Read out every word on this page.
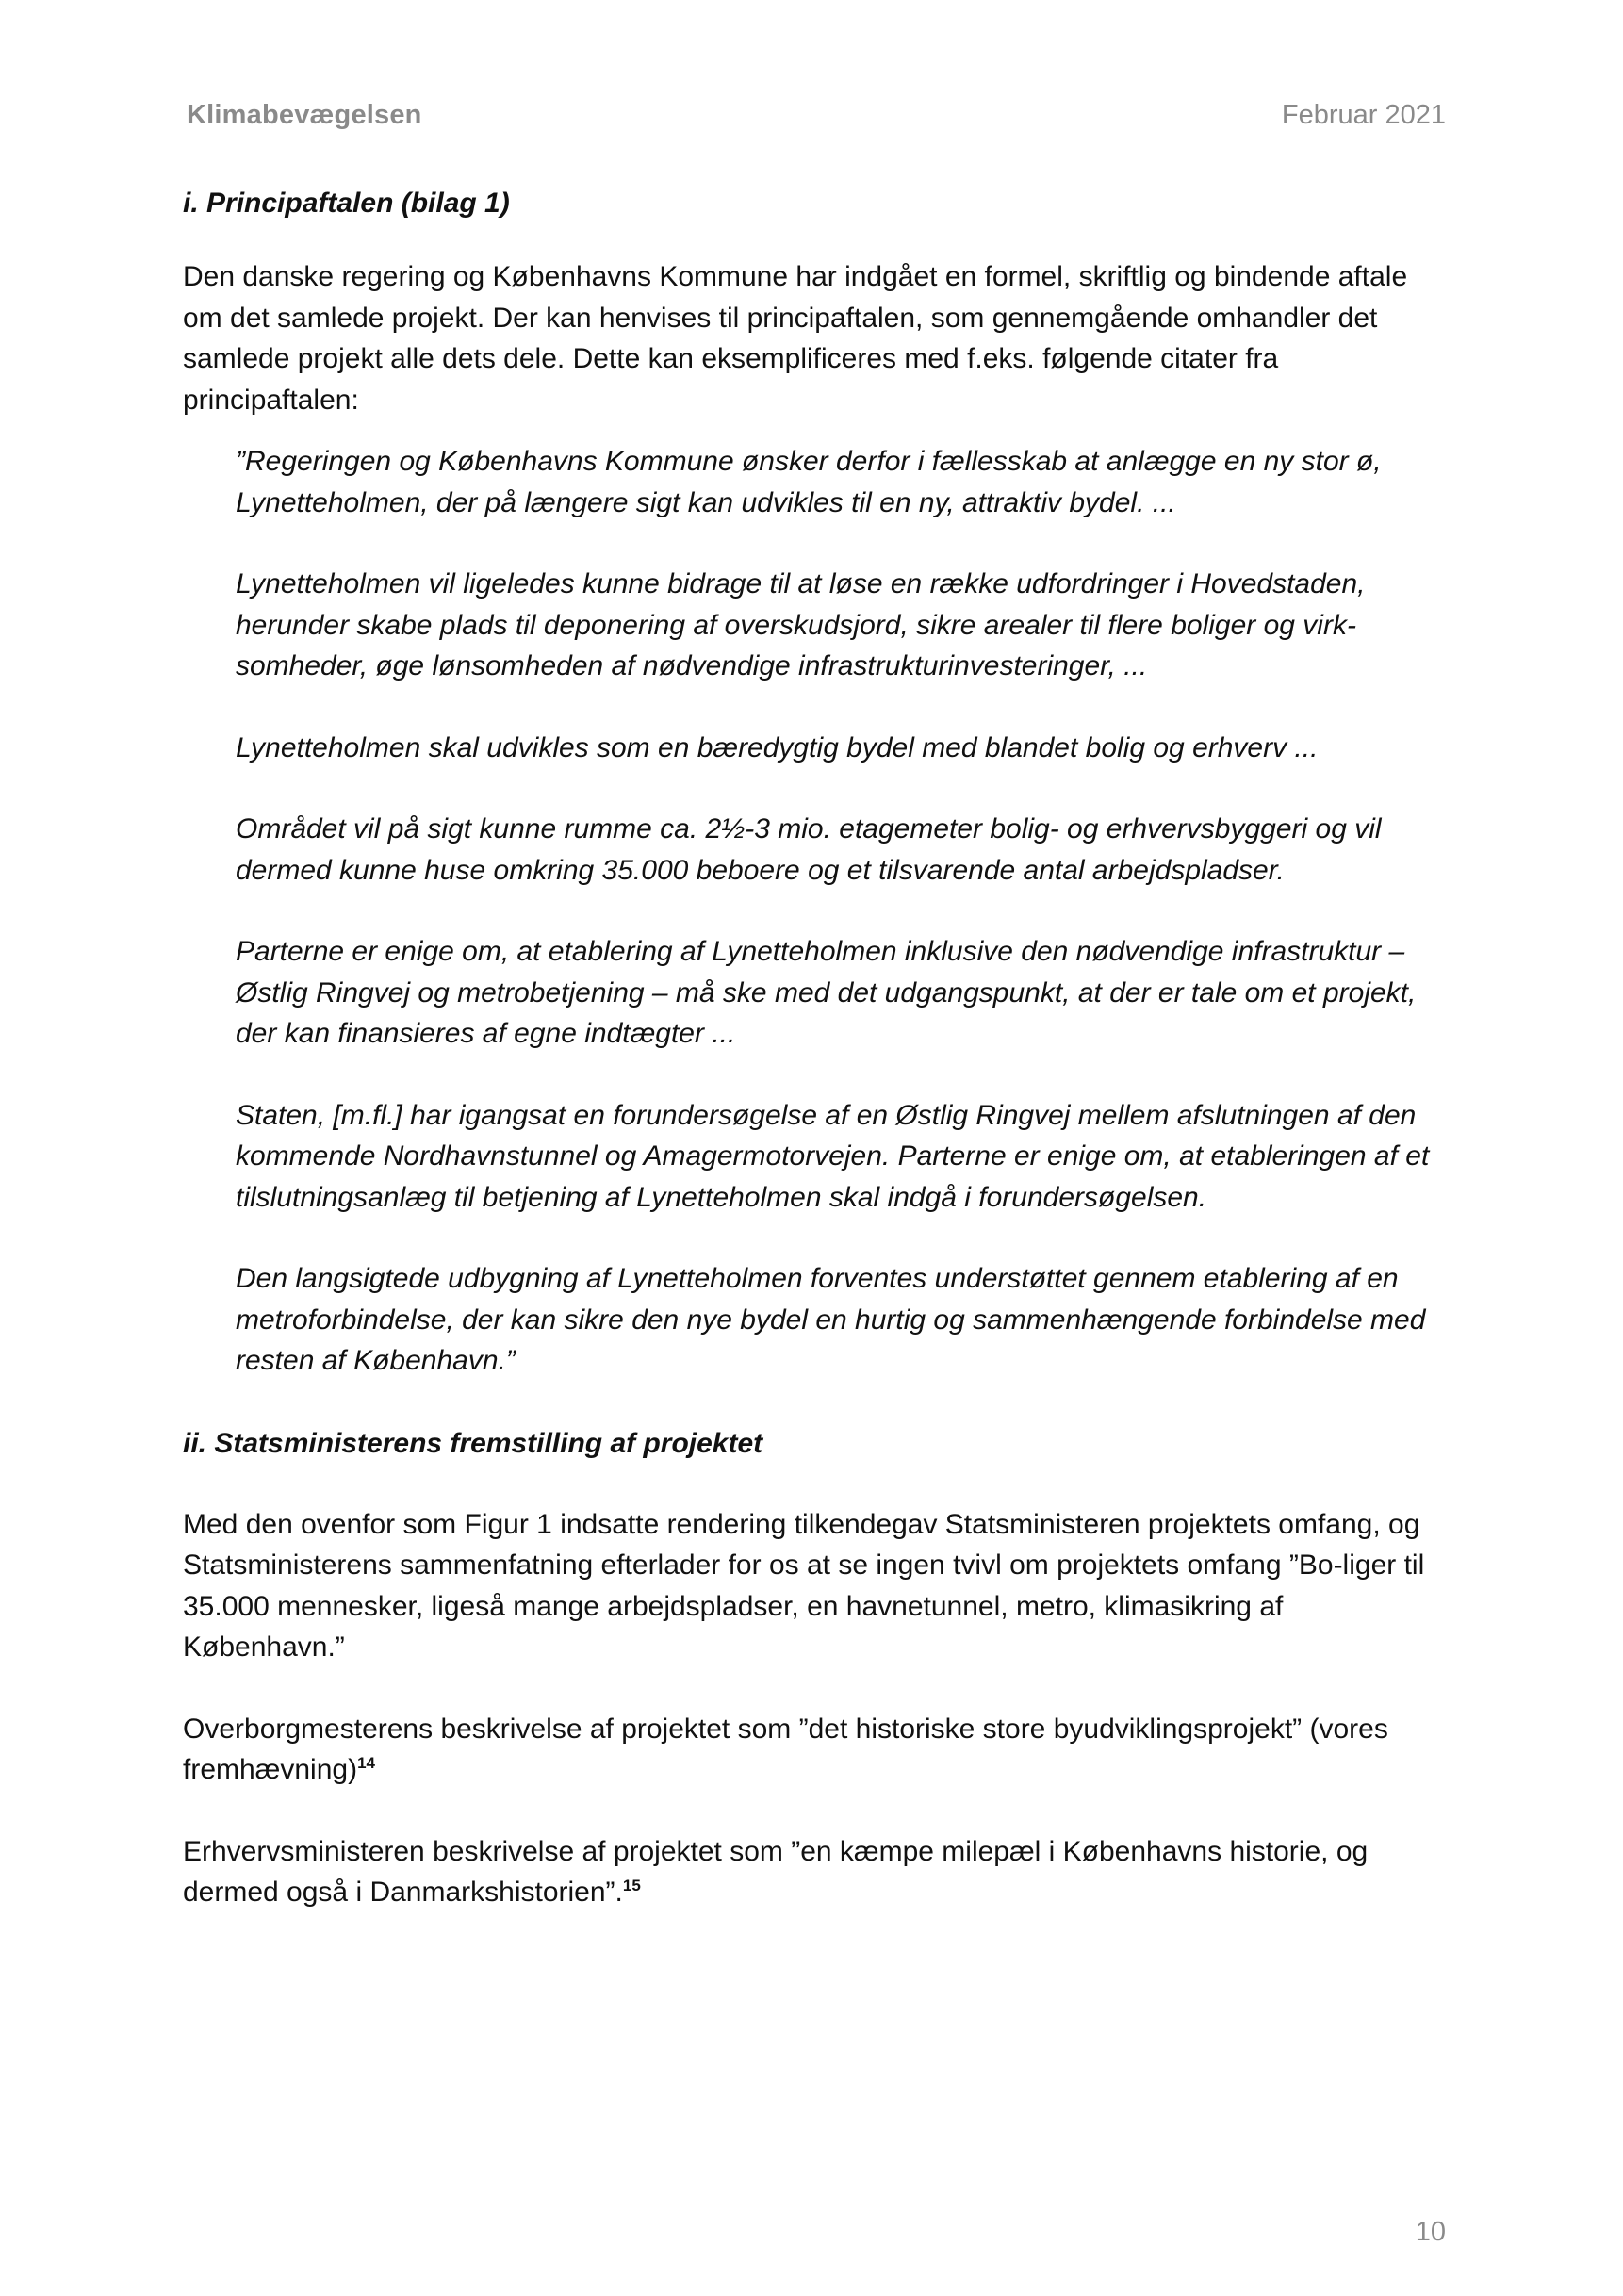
Klimabevægelsen	Februar 2021

i. Principaftalen (bilag 1)

Den danske regering og Københavns Kommune har indgået en formel, skriftlig og bindende aftale om det samlede projekt. Der kan henvises til principaftalen, som gennemgående omhandler det samlede projekt alle dets dele. Dette kan eksemplificeres med f.eks. følgende citater fra principaftalen:

”Regeringen og Københavns Kommune ønsker derfor i fællesskab at anlægge en ny stor ø, Lynetteholmen, der på længere sigt kan udvikles til en ny, attraktiv bydel. ...

Lynetteholmen vil ligeledes kunne bidrage til at løse en række udfordringer i Hovedstaden, herunder skabe plads til deponering af overskudsjord, sikre arealer til flere boliger og virk-somheder, øge lønsomheden af nødvendige infrastrukturinvesteringer, ...

Lynetteholmen skal udvikles som en bæredygtig bydel med blandet bolig og erhverv ...

Området vil på sigt kunne rumme ca. 2½-3 mio. etagemeter bolig- og erhvervsbyggeri og vil dermed kunne huse omkring 35.000 beboere og et tilsvarende antal arbejdspladser.

Parterne er enige om, at etablering af Lynetteholmen inklusive den nødvendige infrastruktur – Østlig Ringvej og metrobetjening – må ske med det udgangspunkt, at der er tale om et projekt, der kan finansieres af egne indtægter ...

Staten, [m.fl.] har igangsat en forundersøgelse af en Østlig Ringvej mellem afslutningen af den kommende Nordhavnstunnel og Amagermotorvejen. Parterne er enige om, at etableringen af et tilslutningsanlæg til betjening af Lynetteholmen skal indgå i forundersøgelsen.

Den langsigtede udbygning af Lynetteholmen forventes understøttet gennem etablering af en metroforbindelse, der kan sikre den nye bydel en hurtig og sammenhængende forbindelse med resten af København.”

ii. Statsministerens fremstilling af projektet

Med den ovenfor som Figur 1 indsatte rendering tilkendegav Statsministeren projektets omfang, og Statsministerens sammenfatning efterlader for os at se ingen tvivl om projektets omfang ”Bo-liger til 35.000 mennesker, ligeså mange arbejdspladser, en havnetunnel, metro, klimasikring af København.”

Overborgmesterens beskrivelse af projektet som ”det historiske store byudviklingsprojekt” (vores fremhævning)$^{14}$

Erhvervsministeren beskrivelse af projektet som ”en kæmpe milepæl i Københavns historie, og dermed også i Danmarkshistorien”.$^{15}$

10
